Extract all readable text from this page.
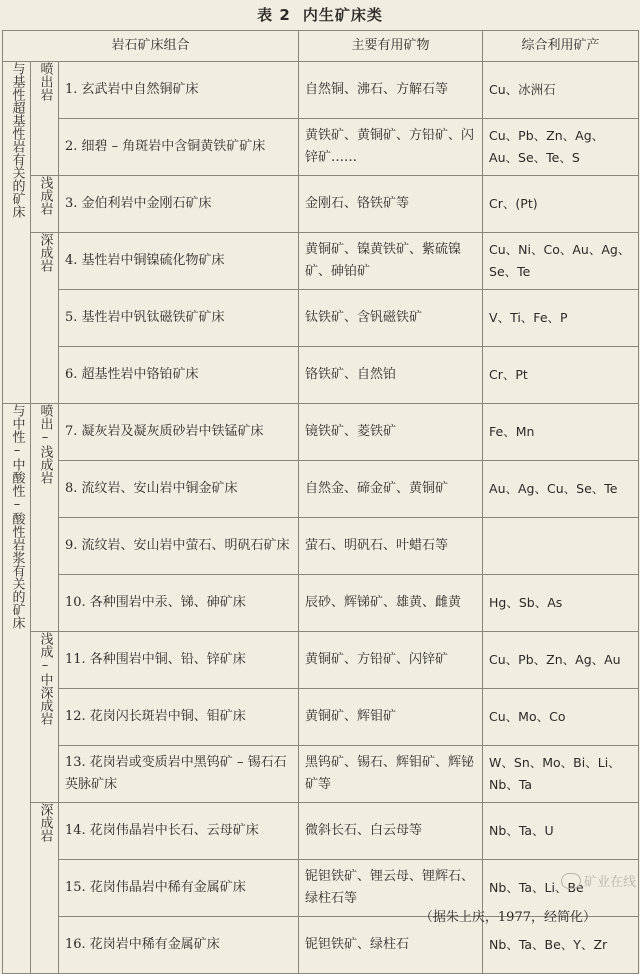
表 2 内生矿床类
岩石矿床组合			主要有用矿物	综合利用矿产
与基性超基性岩有关的矿床	喷出岩	1. 玄武岩中自然铜矿床	自然铜、沸石、方解石等	Cu、冰洲石
		2. 细碧 – 角斑岩中含铜黄铁矿矿床	黄铁矿、黄铜矿、方铅矿、闪锌矿……	Cu、Pb、Zn、Ag、Au、Se、Te、S
	浅成岩	3. 金伯利岩中金刚石矿床	金刚石、铬铁矿等	Cr、(Pt)
	深成岩	4. 基性岩中铜镍硫化物矿床	黄铜矿、镍黄铁矿、紫硫镍矿、砷铂矿	Cu、Ni、Co、Au、Ag、Se、Te
		5. 基性岩中钒钛磁铁矿矿床	钛铁矿、含钒磁铁矿	V、Ti、Fe、P
		6. 超基性岩中铬铂矿床	铬铁矿、自然铂	Cr、Pt
与中性–中酸性–酸性岩浆有关的矿床	喷出–浅成岩	7. 凝灰岩及凝灰质砂岩中铁锰矿床	镜铁矿、菱铁矿	Fe、Mn
		8. 流纹岩、安山岩中铜金矿床	自然金、碲金矿、黄铜矿	Au、Ag、Cu、Se、Te
		9. 流纹岩、安山岩中萤石、明矾石矿床	萤石、明矾石、叶蜡石等	
		10. 各种围岩中汞、锑、砷矿床	辰砂、辉锑矿、雄黄、雌黄	Hg、Sb、As
	浅成–中深成岩	11. 各种围岩中铜、铅、锌矿床	黄铜矿、方铅矿、闪锌矿	Cu、Pb、Zn、Ag、Au
		12. 花岗闪长斑岩中铜、钼矿床	黄铜矿、辉钼矿	Cu、Mo、Co
		13. 花岗岩或变质岩中黑钨矿 – 锡石石英脉矿床	黑钨矿、锡石、辉钼矿、辉铋矿等	W、Sn、Mo、Bi、Li、Nb、Ta
	深成岩	14. 花岗伟晶岩中长石、云母矿床	微斜长石、白云母等	Nb、Ta、U
		15. 花岗伟晶岩中稀有金属矿床	铌钽铁矿、锂云母、锂辉石、绿柱石等	Nb、Ta、Li、Be
		16. 花岗岩中稀有金属矿床	铌钽铁矿、绿柱石	Nb、Ta、Be、Y、Zr
矿业在线
（据朱上庆，1977，经简化）
